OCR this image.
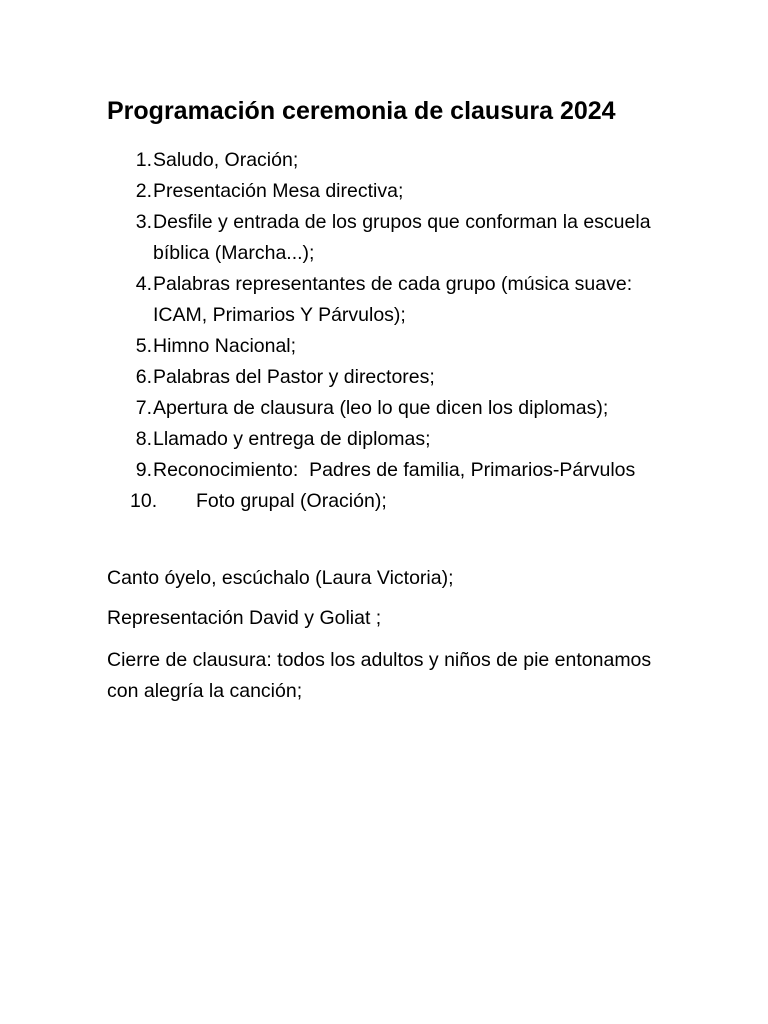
Programación ceremonia de clausura 2024
1. Saludo, Oración;
2. Presentación Mesa directiva;
3. Desfile y entrada de los grupos que conforman la escuela bíblica (Marcha...);
4. Palabras representantes de cada grupo (música suave: ICAM, Primarios Y Párvulos);
5. Himno Nacional;
6. Palabras del Pastor y directores;
7. Apertura de clausura (leo lo que dicen los diplomas);
8. Llamado y entrega de diplomas;
9. Reconocimiento:  Padres de familia, Primarios-Párvulos
10.	Foto grupal (Oración);
Canto óyelo, escúchalo (Laura Victoria);
Representación David y Goliat ;
Cierre de clausura: todos los adultos y niños de pie entonamos con alegría la canción;
